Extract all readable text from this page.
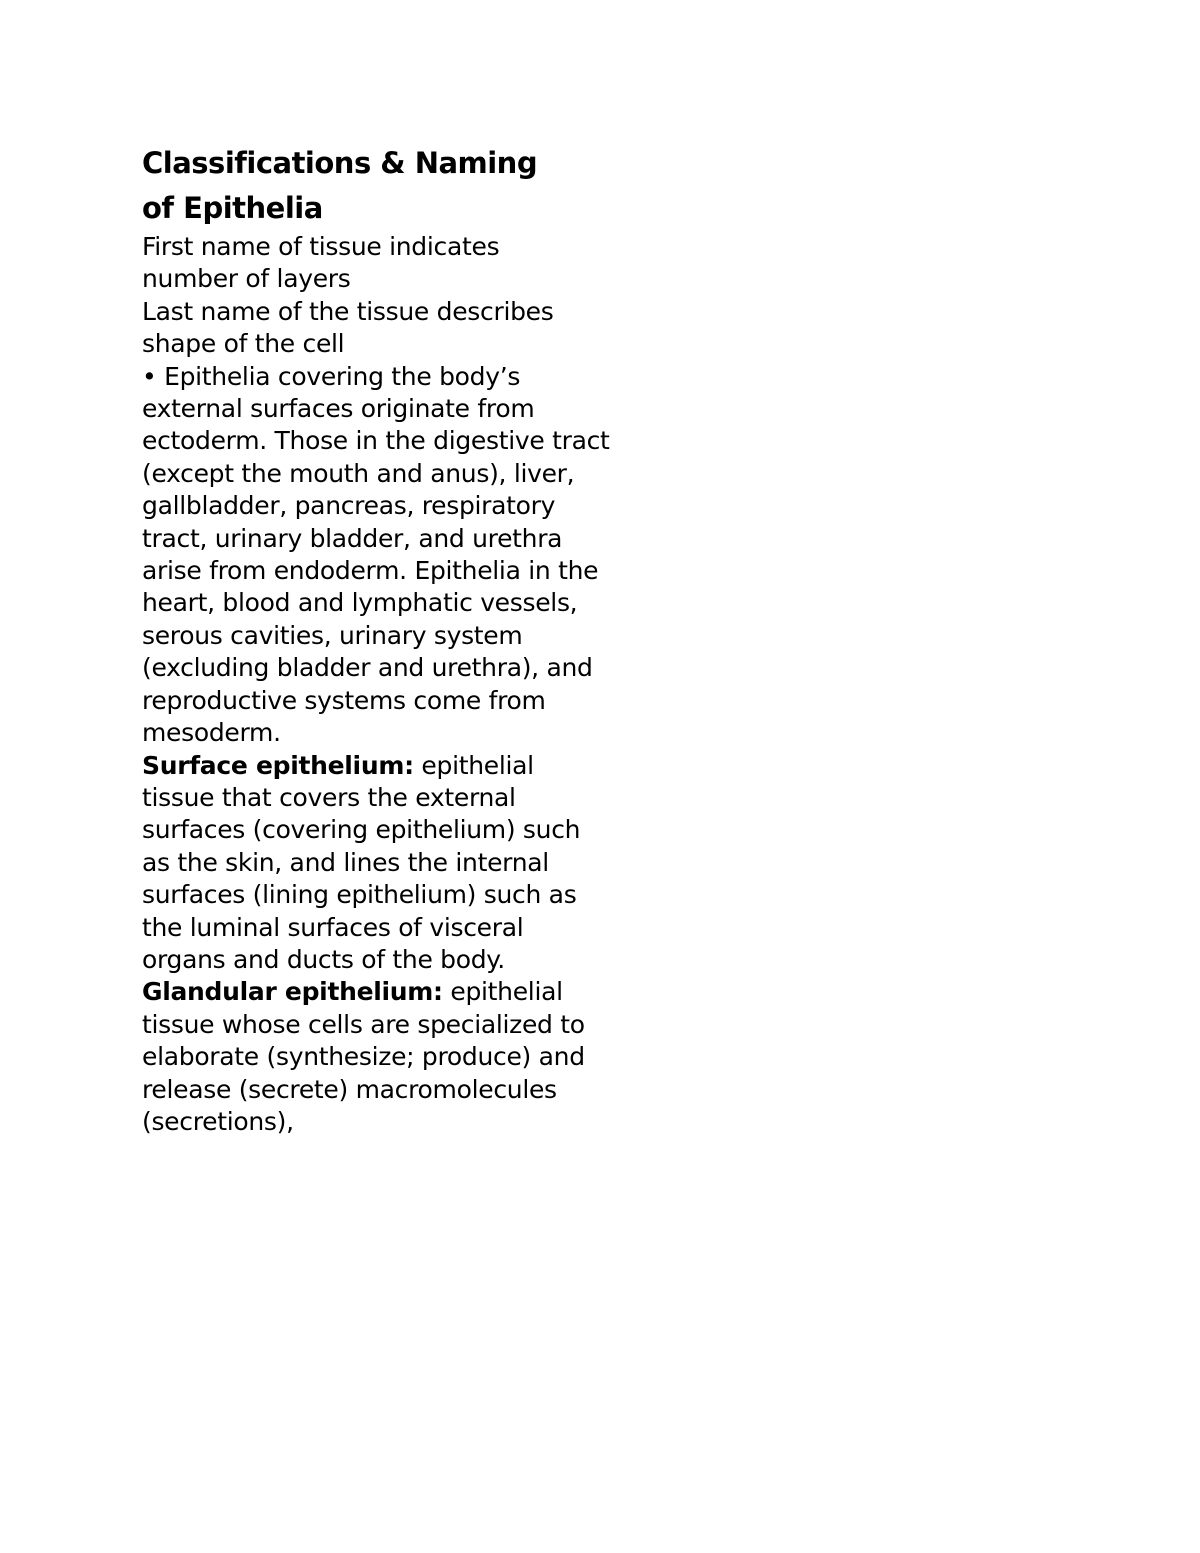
Classifications & Naming
of Epithelia
First name of tissue indicates
number of layers
Last name of the tissue describes
shape of the cell
• Epithelia covering the body’s
external surfaces originate from
ectoderm. Those in the digestive tract
(except the mouth and anus), liver,
gallbladder, pancreas, respiratory
tract, urinary bladder, and urethra
arise from endoderm. Epithelia in the
heart, blood and lymphatic vessels,
serous cavities, urinary system
(excluding bladder and urethra), and
reproductive systems come from
mesoderm.
Surface epithelium: epithelial
tissue that covers the external
surfaces (covering epithelium) such
as the skin, and lines the internal
surfaces (lining epithelium) such as
the luminal surfaces of visceral
organs and ducts of the body.
Glandular epithelium: epithelial
tissue whose cells are specialized to
elaborate (synthesize; produce) and
release (secrete) macromolecules
(secretions),
